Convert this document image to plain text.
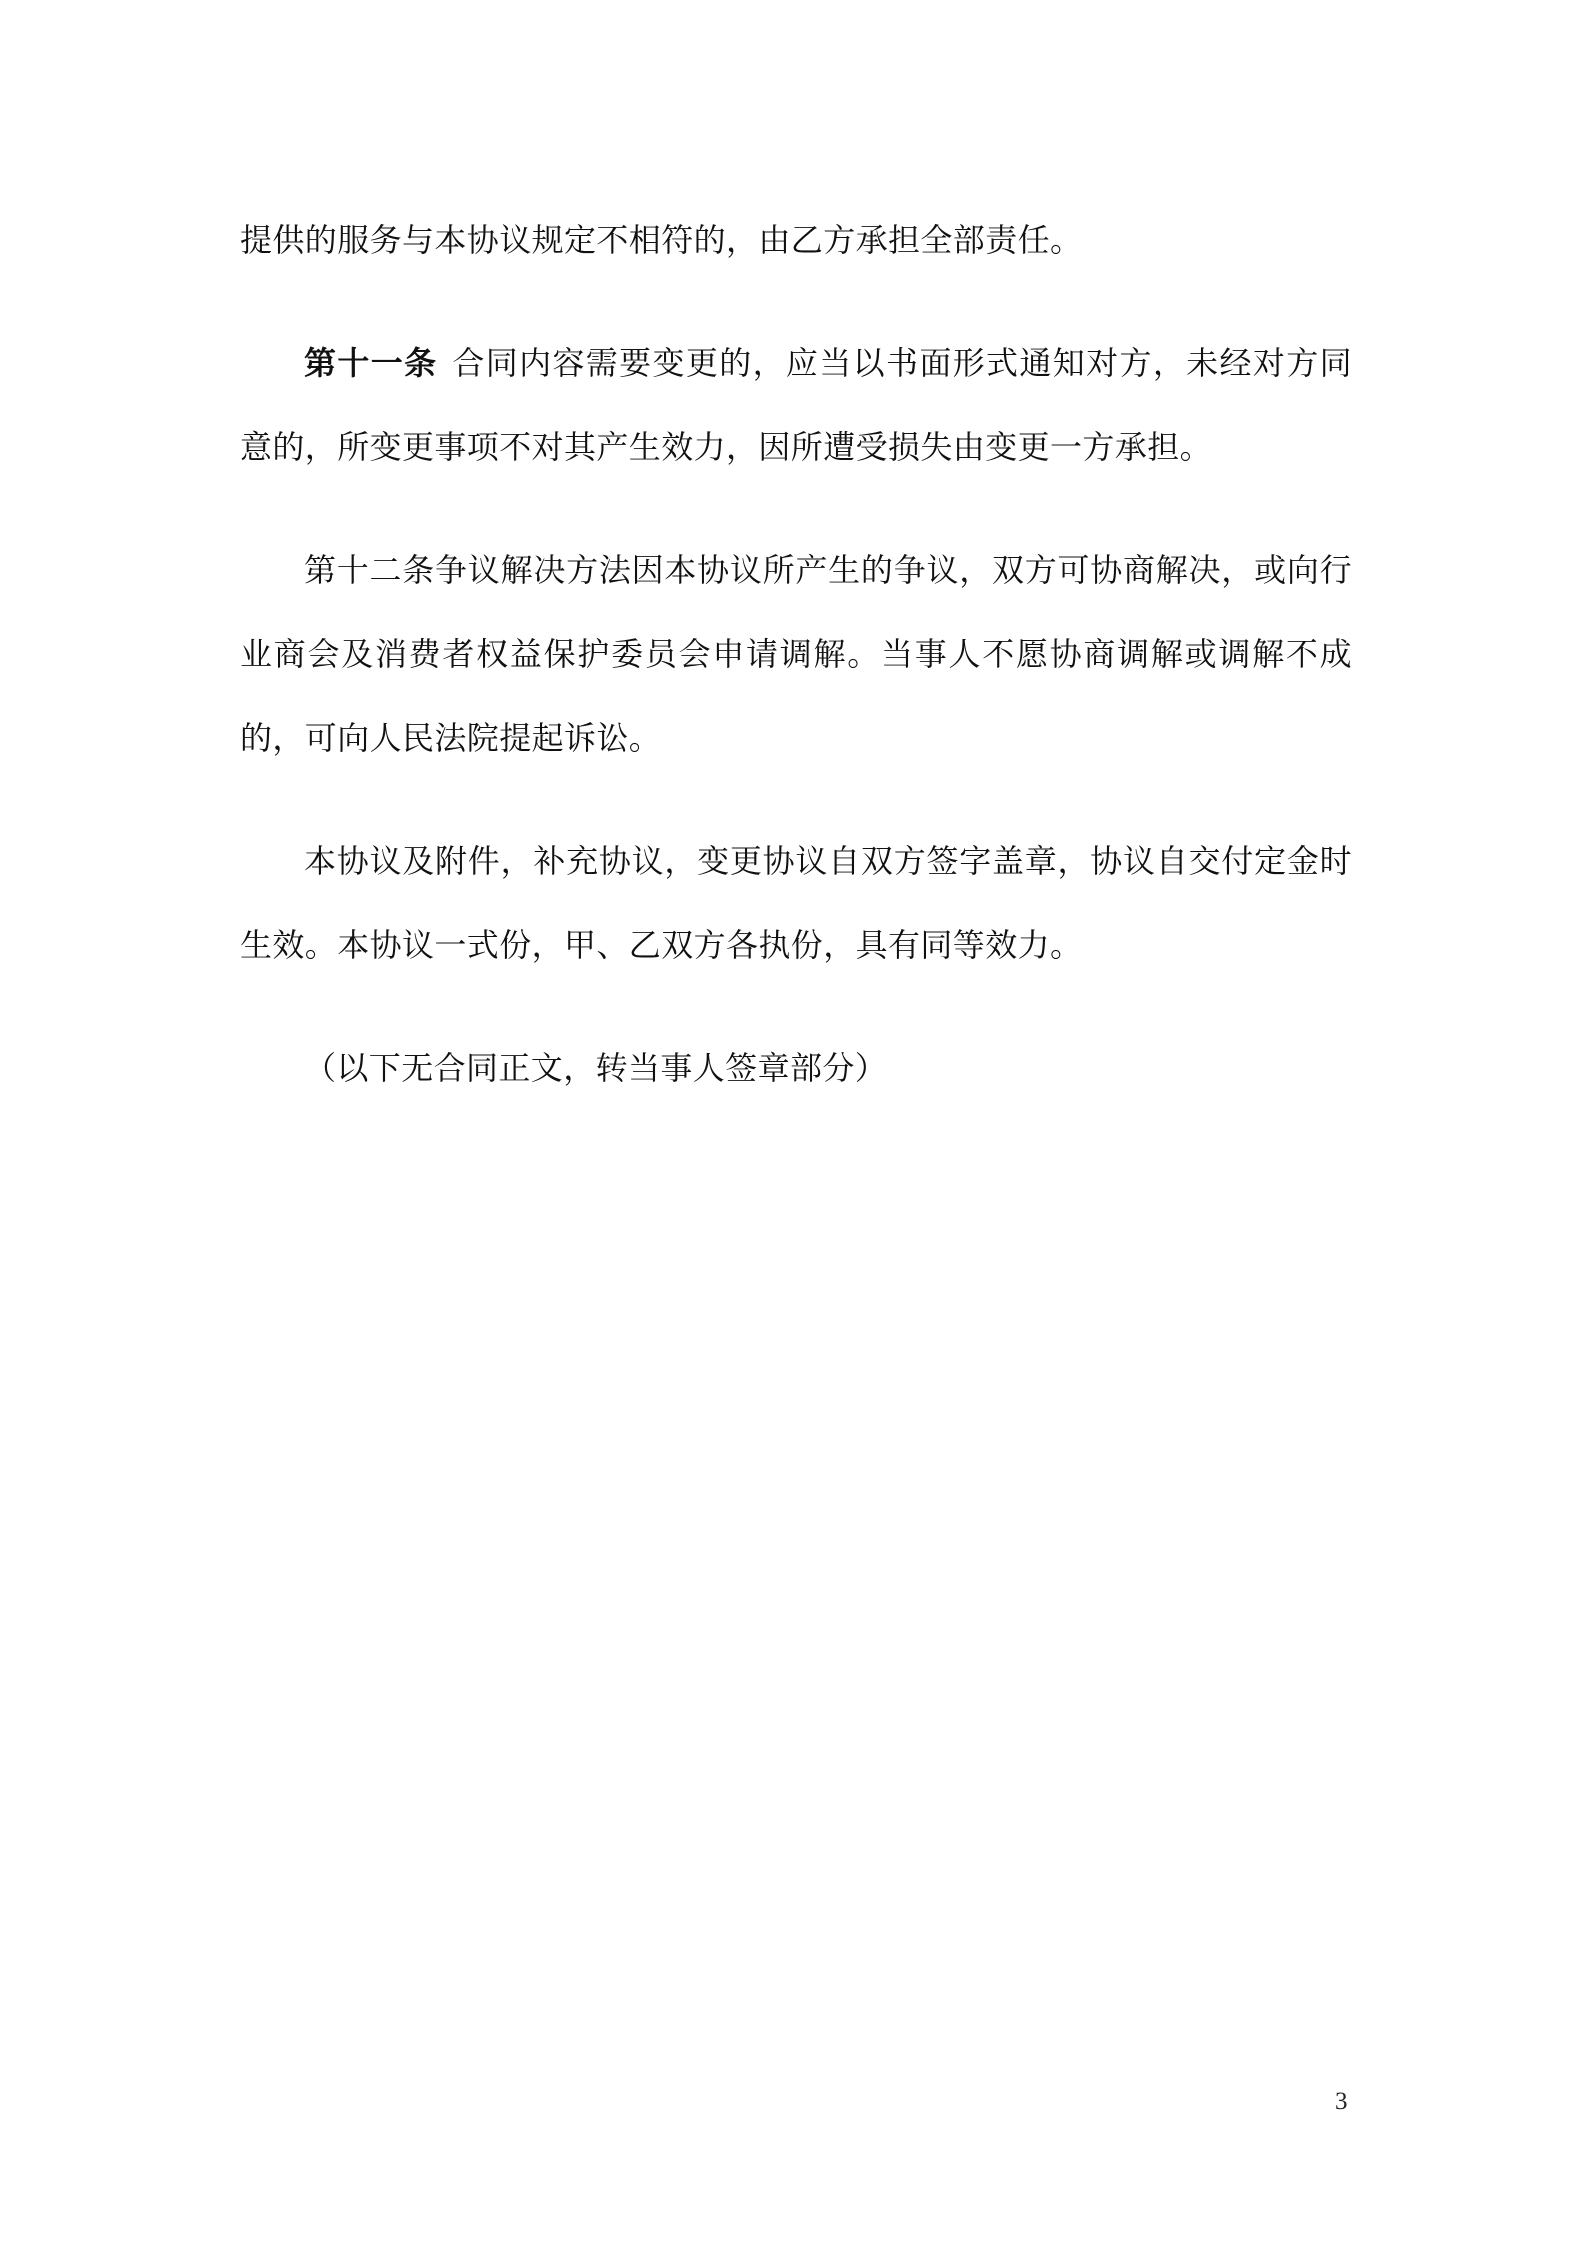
提供的服务与本协议规定不相符的，由乙方承担全部责任。

第十一条 合同内容需要变更的，应当以书面形式通知对方，未经对方同意的，所变更事项不对其产生效力，因所遭受损失由变更一方承担。

第十二条争议解决方法因本协议所产生的争议，双方可协商解决，或向行业商会及消费者权益保护委员会申请调解。当事人不愿协商调解或调解不成的，可向人民法院提起诉讼。

本协议及附件，补充协议，变更协议自双方签字盖章，协议自交付定金时生效。本协议一式份，甲、乙双方各执份，具有同等效力。

（以下无合同正文，转当事人签章部分）

3
